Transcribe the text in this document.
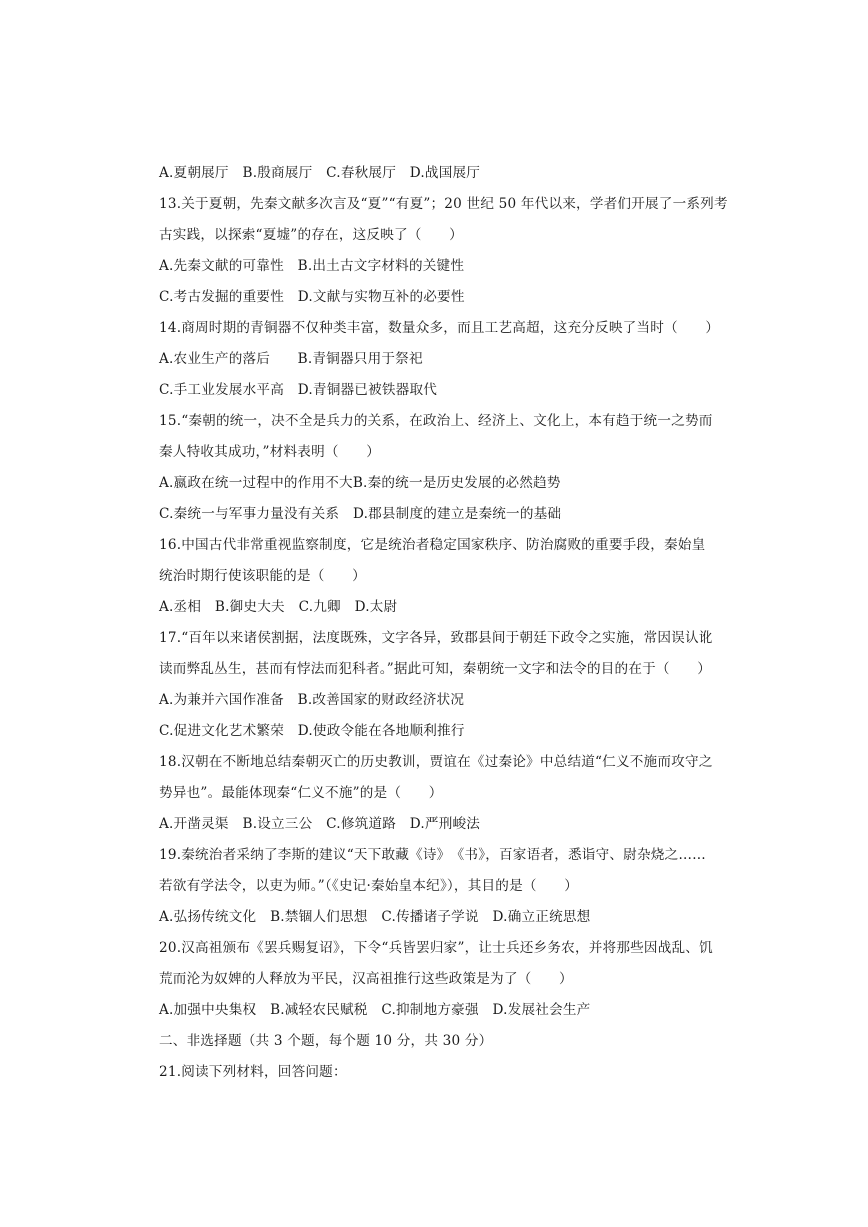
A.夏朝展厅　B.殷商展厅　C.春秋展厅　D.战国展厅
13.关于夏朝，先秦文献多次言及“夏”“有夏”；20 世纪 50 年代以来，学者们开展了一系列考
古实践，以探索“夏墟”的存在，这反映了（　　）
A.先秦文献的可靠性　B.出土古文字材料的关键性
C.考古发掘的重要性　D.文献与实物互补的必要性
14.商周时期的青铜器不仅种类丰富，数量众多，而且工艺高超，这充分反映了当时（　　）
A.农业生产的落后　　B.青铜器只用于祭祀
C.手工业发展水平高　D.青铜器已被铁器取代
15.“秦朝的统一，决不全是兵力的关系，在政治上、经济上、文化上，本有趋于统一之势而
秦人特收其成功，”材料表明（　　）
A.嬴政在统一过程中的作用不大B.秦的统一是历史发展的必然趋势
C.秦统一与军事力量没有关系　D.郡县制度的建立是秦统一的基础
16.中国古代非常重视监察制度，它是统治者稳定国家秩序、防治腐败的重要手段，秦始皇
统治时期行使该职能的是（　　）
A.丞相　B.御史大夫　C.九卿　D.太尉
17.“百年以来诸侯割据，法度既殊，文字各异，致郡县间于朝廷下政令之实施，常因误认讹
读而弊乱丛生，甚而有悖法而犯科者。”据此可知，秦朝统一文字和法令的目的在于（　　）
A.为兼并六国作准备　B.改善国家的财政经济状况
C.促进文化艺术繁荣　D.使政令能在各地顺利推行
18.汉朝在不断地总结秦朝灭亡的历史教训，贾谊在《过秦论》中总结道“仁义不施而攻守之
势异也”。最能体现秦“仁义不施”的是（　　）
A.开凿灵渠　B.设立三公　C.修筑道路　D.严刑峻法
19.秦统治者采纳了李斯的建议“天下敢藏《诗》　《书》，百家语者，悉诣守、尉杂烧之……
若欲有学法令，以吏为师。”（《史记·秦始皇本纪》），其目的是（　　）
A.弘扬传统文化　B.禁锢人们思想　C.传播诸子学说　D.确立正统思想
20.汉高祖颁布《罢兵赐复诏》，下令“兵皆罢归家”，让士兵还乡务农，并将那些因战乱、饥
荒而沦为奴婢的人释放为平民，汉高祖推行这些政策是为了（　　）
A.加强中央集权　B.减轻农民赋税　C.抑制地方豪强　D.发展社会生产
二、非选择题（共 3 个题，每个题 10 分，共 30 分）
21.阅读下列材料，回答问题：
